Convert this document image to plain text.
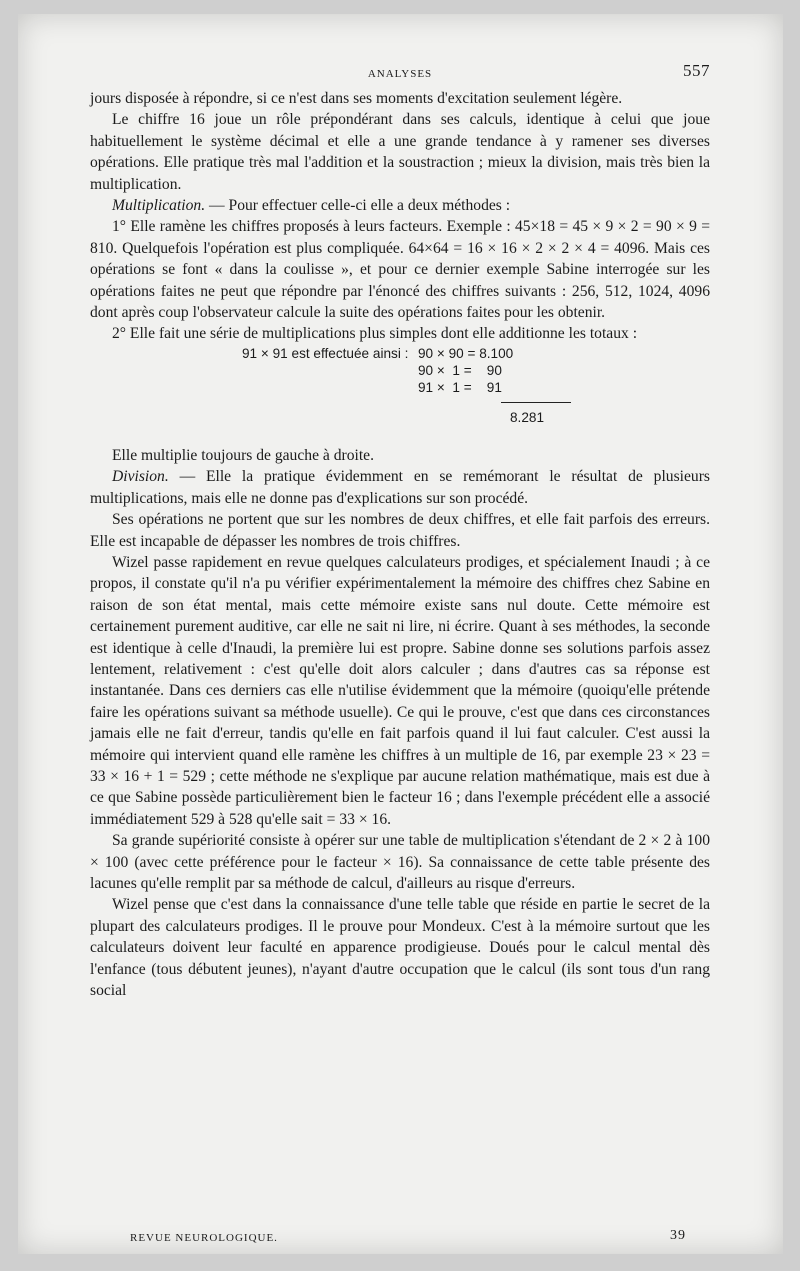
ANALYSES	557

jours disposée à répondre, si ce n'est dans ses moments d'excitation seulement légère.

Le chiffre 16 joue un rôle prépondérant dans ses calculs, identique à celui que joue habituellement le système décimal et elle a une grande tendance à y ramener ses diverses opérations. Elle pratique très mal l'addition et la soustraction ; mieux la division, mais très bien la multiplication.

Multiplication. — Pour effectuer celle-ci elle a deux méthodes :

1° Elle ramène les chiffres proposés à leurs facteurs. Exemple : 45×18 = 45 × 9 × 2 = 90 × 9 = 810. Quelquefois l'opération est plus compliquée. 64×64 = 16 × 16 × 2 × 2 × 4 = 4096. Mais ces opérations se font « dans la coulisse », et pour ce dernier exemple Sabine interrogée sur les opérations faites ne peut que répondre par l'énoncé des chiffres suivants : 256, 512, 1024, 4096 dont après coup l'observateur calcule la suite des opérations faites pour les obtenir.

2° Elle fait une série de multiplications plus simples dont elle additionne les totaux :

91 × 91 est effectuée ainsi : 90 × 90 = 8.100
90 ×  1 =    90
91 ×  1 =    91
8.281

Elle multiplie toujours de gauche à droite.

Division. — Elle la pratique évidemment en se remémorant le résultat de plusieurs multiplications, mais elle ne donne pas d'explications sur son procédé.

Ses opérations ne portent que sur les nombres de deux chiffres, et elle fait parfois des erreurs. Elle est incapable de dépasser les nombres de trois chiffres.

Wizel passe rapidement en revue quelques calculateurs prodiges, et spécialement Inaudi ; à ce propos, il constate qu'il n'a pu vérifier expérimentalement la mémoire des chiffres chez Sabine en raison de son état mental, mais cette mémoire existe sans nul doute. Cette mémoire est certainement purement auditive, car elle ne sait ni lire, ni écrire. Quant à ses méthodes, la seconde est identique à celle d'Inaudi, la première lui est propre. Sabine donne ses solutions parfois assez lentement, relativement : c'est qu'elle doit alors calculer ; dans d'autres cas sa réponse est instantanée. Dans ces derniers cas elle n'utilise évidemment que la mémoire (quoiqu'elle prétende faire les opérations suivant sa méthode usuelle). Ce qui le prouve, c'est que dans ces circonstances jamais elle ne fait d'erreur, tandis qu'elle en fait parfois quand il lui faut calculer. C'est aussi la mémoire qui intervient quand elle ramène les chiffres à un multiple de 16, par exemple 23 × 23 = 33 × 16 + 1 = 529 ; cette méthode ne s'explique par aucune relation mathématique, mais est due à ce que Sabine possède particulièrement bien le facteur 16 ; dans l'exemple précédent elle a associé immédiatement 529 à 528 qu'elle sait = 33 × 16.

Sa grande supériorité consiste à opérer sur une table de multiplication s'étendant de 2 × 2 à 100 × 100 (avec cette préférence pour le facteur × 16). Sa connaissance de cette table présente des lacunes qu'elle remplit par sa méthode de calcul, d'ailleurs au risque d'erreurs.

Wizel pense que c'est dans la connaissance d'une telle table que réside en partie le secret de la plupart des calculateurs prodiges. Il le prouve pour Mondeux. C'est à la mémoire surtout que les calculateurs doivent leur faculté en apparence prodigieuse. Doués pour le calcul mental dès l'enfance (tous débutent jeunes), n'ayant d'autre occupation que le calcul (ils sont tous d'un rang social

REVUE NEUROLOGIQUE.	39
